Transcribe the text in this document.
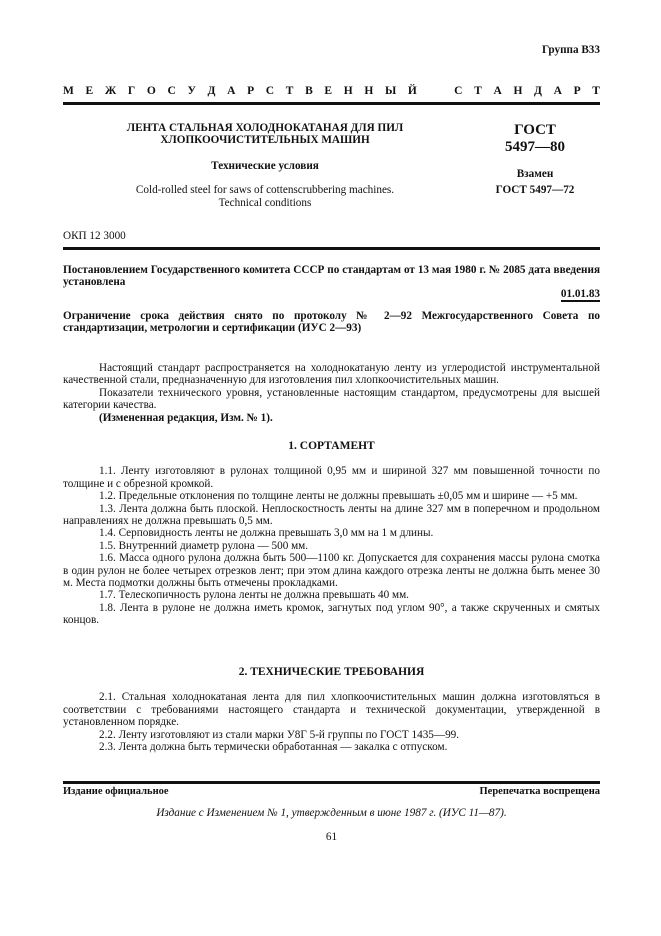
Группа В33
М Е Ж Г О С У Д А Р С Т В Е Н Н Ы Й	С Т А Н Д А Р Т
ЛЕНТА СТАЛЬНАЯ ХОЛОДНОКАТАНАЯ ДЛЯ ПИЛ
ХЛОПКООЧИСТИТЕЛЬНЫХ МАШИН
Технические условия
Cold-rolled steel for saws of cottenscrubbering machines.
Technical conditions
ГОСТ
5497—80
Взамен
ГОСТ 5497—72
ОКП 12 3000

Постановлением Государственного комитета СССР по стандартам от 13 мая 1980 г. № 2085 дата введения установлена

01.01.83

Ограничение срока действия снято по протоколу № 2—92 Межгосударственного Совета по стандартизации, метрологии и сертификации (ИУС 2—93)

Настоящий стандарт распространяется на холоднокатаную ленту из углеродистой инструментальной качественной стали, предназначенную для изготовления пил хлопкоочистительных машин.

Показатели технического уровня, установленные настоящим стандартом, предусмотрены для высшей категории качества.

(Измененная редакция, Изм. № 1).

1. СОРТАМЕНТ

1.1. Ленту изготовляют в рулонах толщиной 0,95 мм и шириной 327 мм повышенной точности по толщине и с обрезной кромкой.

1.2. Предельные отклонения по толщине ленты не должны превышать ±0,05 мм и ширине — +5 мм.

1.3. Лента должна быть плоской. Неплоскостность ленты на длине 327 мм в поперечном и продольном направлениях не должна превышать 0,5 мм.

1.4. Серповидность ленты не должна превышать 3,0 мм на 1 м длины.

1.5. Внутренний диаметр рулона — 500 мм.

1.6. Масса одного рулона должна быть 500—1100 кг. Допускается для сохранения массы рулона смотка в один рулон не более четырех отрезков лент; при этом длина каждого отрезка ленты не должна быть менее 30 м. Места подмотки должны быть отмечены прокладками.

1.7. Телескопичность рулона ленты не должна превышать 40 мм.

1.8. Лента в рулоне не должна иметь кромок, загнутых под углом 90°, а также скрученных и смятых концов.

2. ТЕХНИЧЕСКИЕ ТРЕБОВАНИЯ

2.1. Стальная холоднокатаная лента для пил хлопкоочистительных машин должна изготовляться в соответствии с требованиями настоящего стандарта и технической документации, утвержденной в установленном порядке.

2.2. Ленту изготовляют из стали марки У8Г 5-й группы по ГОСТ 1435—99.

2.3. Лента должна быть термически обработанная — закалка с отпуском.

Издание официальное	Перепечатка воспрещена
Издание с Изменением № 1, утвержденным в июне 1987 г. (ИУС 11—87).
61
